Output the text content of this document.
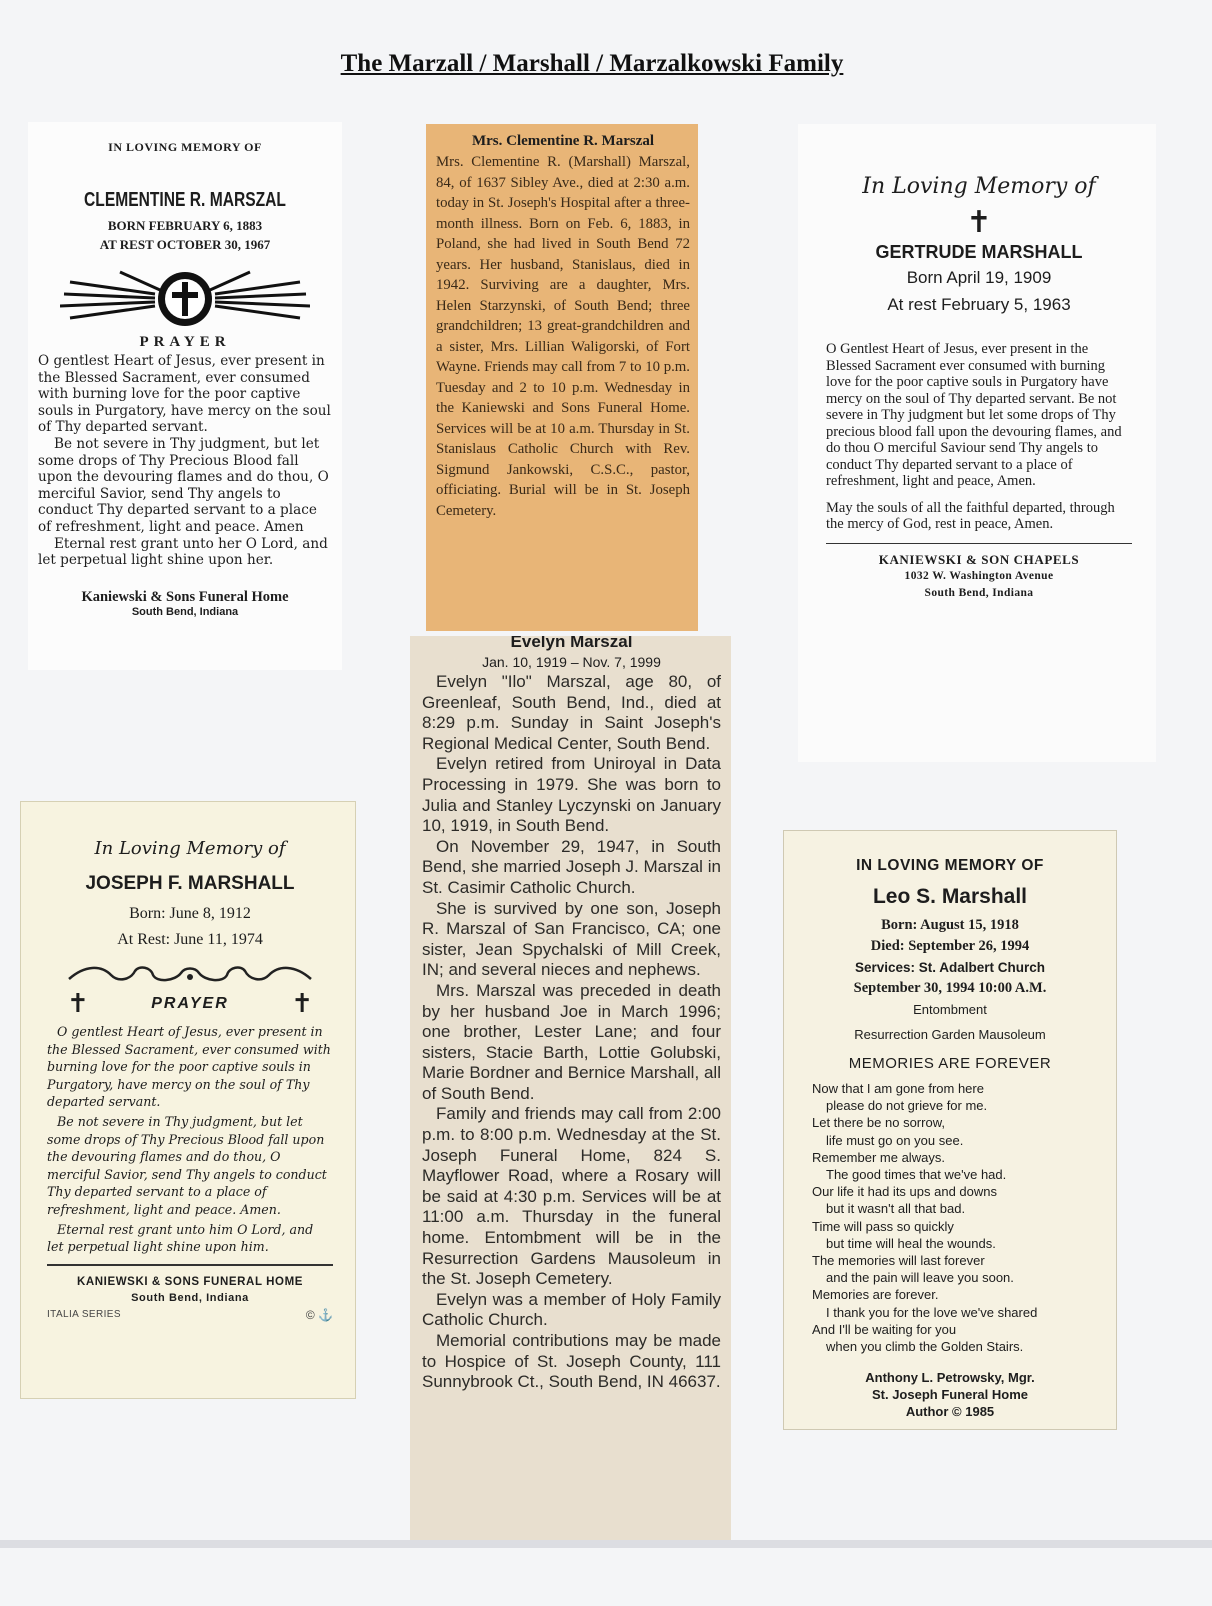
The Marzall / Marshall / Marzalkowski Family
IN LOVING MEMORY OF
CLEMENTINE R. MARSZAL
BORN FEBRUARY 6, 1883
AT REST OCTOBER 30, 1967
PRAYER

O gentlest Heart of Jesus, ever present in the Blessed Sacrament, ever consumed with burning love for the poor captive souls in Purgatory, have mercy on the soul of Thy departed servant.

Be not severe in Thy judgment, but let some drops of Thy Precious Blood fall upon the devouring flames and do thou, O merciful Savior, send Thy angels to conduct Thy departed servant to a place of refreshment, light and peace. Amen

Eternal rest grant unto her O Lord, and let perpetual light shine upon her.

Kaniewski & Sons Funeral Home
South Bend, Indiana
Mrs. Clementine R. Marszal
Mrs. Clementine R. (Marshall) Marszal, 84, of 1637 Sibley Ave., died at 2:30 a.m. today in St. Joseph's Hospital after a three-month illness. Born on Feb. 6, 1883, in Poland, she had lived in South Bend 72 years. Her husband, Stanislaus, died in 1942. Surviving are a daughter, Mrs. Helen Starzynski, of South Bend; three grandchildren; 13 great-grandchildren and a sister, Mrs. Lillian Waligorski, of Fort Wayne. Friends may call from 7 to 10 p.m. Tuesday and 2 to 10 p.m. Wednesday in the Kaniewski and Sons Funeral Home. Services will be at 10 a.m. Thursday in St. Stanislaus Catholic Church with Rev. Sigmund Jankowski, C.S.C., pastor, officiating. Burial will be in St. Joseph Cemetery.
Evelyn Marszal
Jan. 10, 1919 – Nov. 7, 1999

Evelyn "Ilo" Marszal, age 80, of Greenleaf, South Bend, Ind., died at 8:29 p.m. Sunday in Saint Joseph's Regional Medical Center, South Bend.

Evelyn retired from Uniroyal in Data Processing in 1979. She was born to Julia and Stanley Lyczynski on January 10, 1919, in South Bend.

On November 29, 1947, in South Bend, she married Joseph J. Marszal in St. Casimir Catholic Church.

She is survived by one son, Joseph R. Marszal of San Francisco, CA; one sister, Jean Spychalski of Mill Creek, IN; and several nieces and nephews.

Mrs. Marszal was preceded in death by her husband Joe in March 1996; one brother, Lester Lane; and four sisters, Stacie Barth, Lottie Golubski, Marie Bordner and Bernice Marshall, all of South Bend.

Family and friends may call from 2:00 p.m. to 8:00 p.m. Wednesday at the St. Joseph Funeral Home, 824 S. Mayflower Road, where a Rosary will be said at 4:30 p.m. Services will be at 11:00 a.m. Thursday in the funeral home. Entombment will be in the Resurrection Gardens Mausoleum in the St. Joseph Cemetery.

Evelyn was a member of Holy Family Catholic Church.

Memorial contributions may be made to Hospice of St. Joseph County, 111 Sunnybrook Ct., South Bend, IN 46637.

In Loving Memory of
✝
GERTRUDE MARSHALL
Born April 19, 1909
At rest February 5, 1963

O Gentlest Heart of Jesus, ever present in the Blessed Sacrament ever consumed with burning love for the poor captive souls in Purgatory have mercy on the soul of Thy departed servant. Be not severe in Thy judgment but let some drops of Thy precious blood fall upon the devouring flames, and do thou O merciful Saviour send Thy angels to conduct Thy departed servant to a place of refreshment, light and peace, Amen.

May the souls of all the faithful departed, through the mercy of God, rest in peace, Amen.

KANIEWSKI & SON CHAPELS
1032 W. Washington Avenue
South Bend, Indiana
In Loving Memory of
JOSEPH F. MARSHALL
Born: June 8, 1912
At Rest: June 11, 1974
✝	PRAYER ✝

O gentlest Heart of Jesus, ever present in the Blessed Sacrament, ever consumed with burning love for the poor captive souls in Purgatory, have mercy on the soul of Thy departed servant.

Be not severe in Thy judgment, but let some drops of Thy Precious Blood fall upon the devouring flames and do thou, O merciful Savior, send Thy angels to conduct Thy departed servant to a place of refreshment, light and peace. Amen.

Eternal rest grant unto him O Lord, and let perpetual light shine upon him.

KANIEWSKI & SONS FUNERAL HOME
South Bend, Indiana
ITALIA SERIES	© ⚓
IN LOVING MEMORY OF
Leo S. Marshall
Born: August 15, 1918
Died: September 26, 1994
Services: St. Adalbert Church
September 30, 1994 10:00 A.M.
Entombment
Resurrection Garden Mausoleum
MEMORIES ARE FOREVER
Now that I am gone from here
please do not grieve for me.
Let there be no sorrow,
life must go on you see.
Remember me always.
The good times that we've had.
Our life it had its ups and downs
but it wasn't all that bad.
Time will pass so quickly
but time will heal the wounds.
The memories will last forever
and the pain will leave you soon.
Memories are forever.
I thank you for the love we've shared
And I'll be waiting for you
when you climb the Golden Stairs.
Anthony L. Petrowsky, Mgr.
St. Joseph Funeral Home
Author © 1985
